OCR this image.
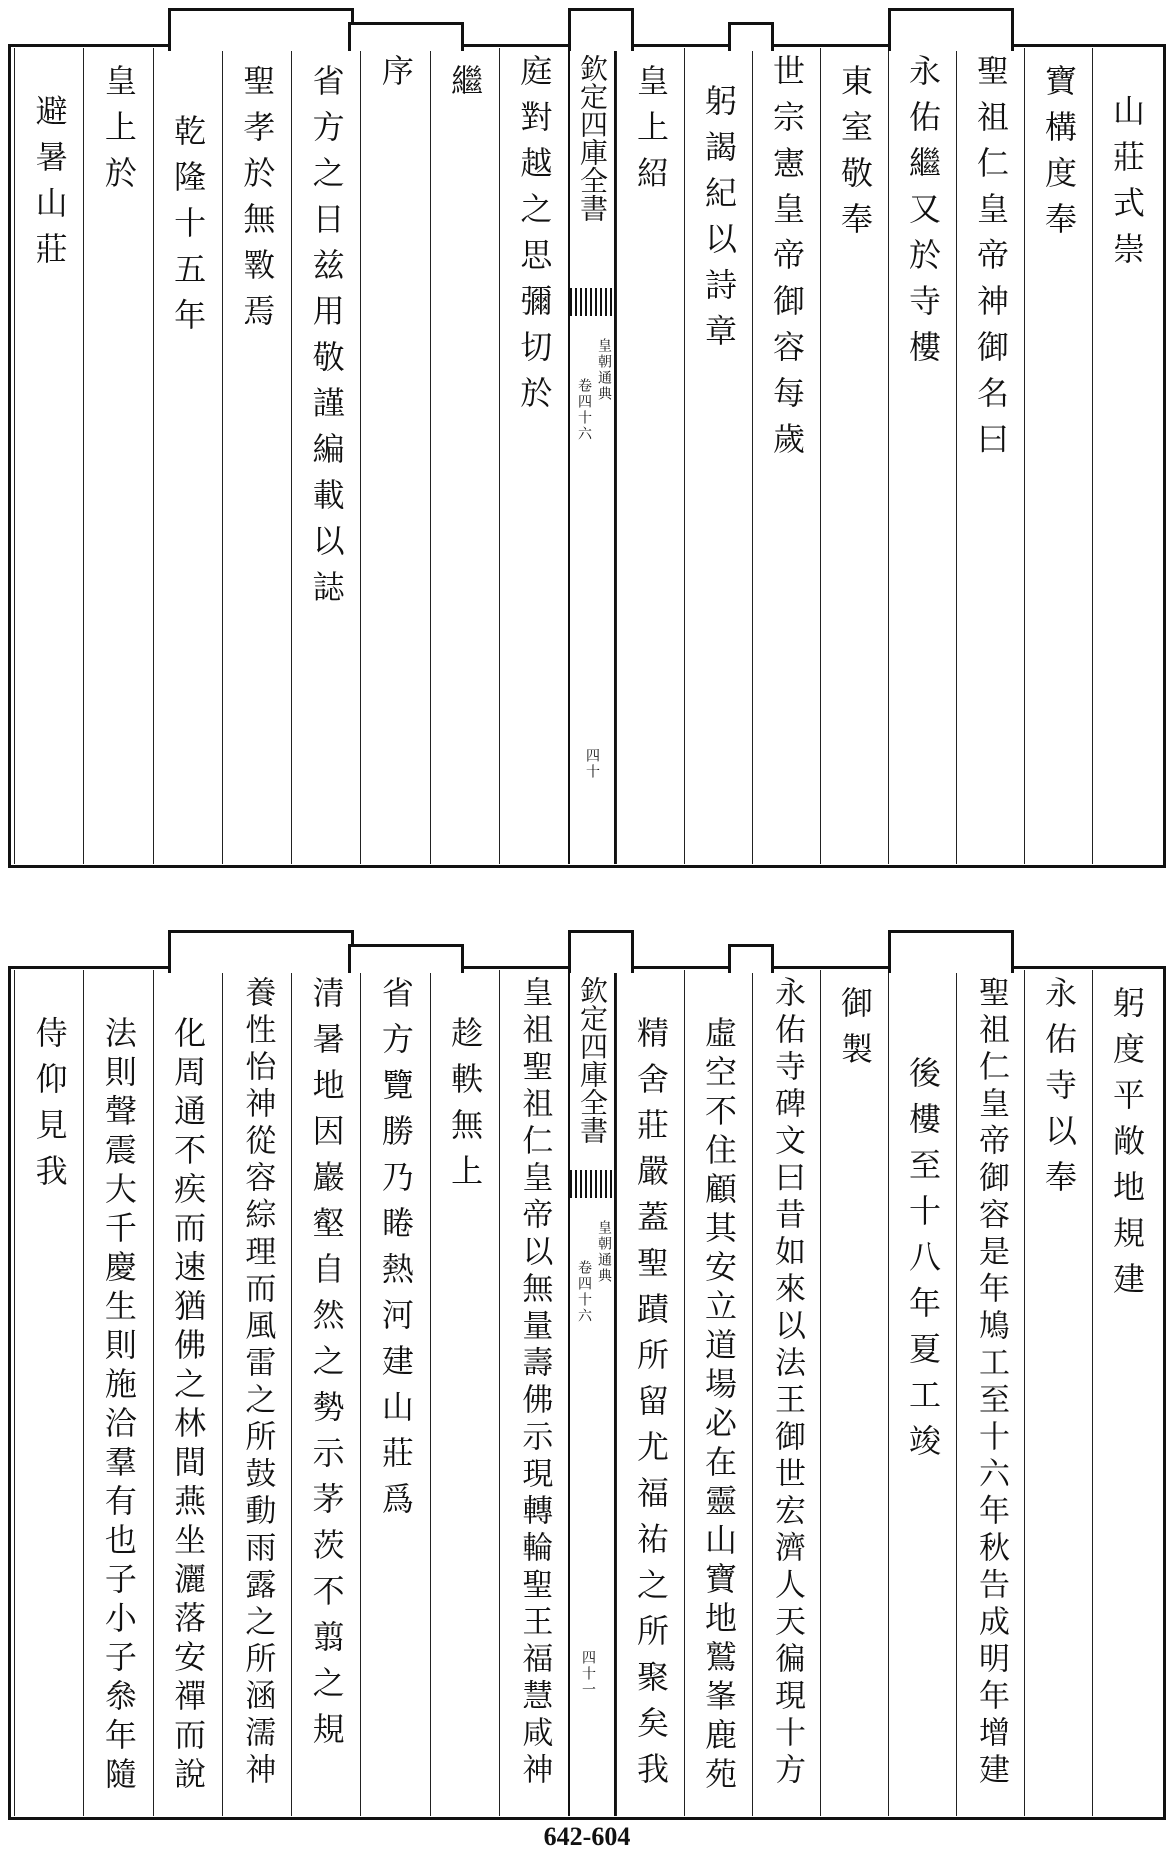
山莊式崇
寶構度奉
聖祖仁皇帝神御名曰
永佑繼又於寺樓
東室敬奉
世宗憲皇帝御容每歲
躬謁紀以詩章
皇上紹
庭對越之思彌切於
繼
序
省方之日兹用敬謹編載以誌
聖孝於無斁焉
乾隆十五年
皇上於
避暑山莊	欽定四庫全書
皇朝通典
卷四十六
四十
躬度平敞地規建
永佑寺以奉
聖祖仁皇帝御容是年鳩工至十六年秋告成明年增建
後樓至十八年夏工竣
御製
永佑寺碑文曰昔如來以法王御世宏濟人天徧現十方
虛空不住顧其安立道場必在靈山寶地鷲峯鹿苑
精舍莊嚴蓋聖蹟所留尤福祐之所聚矣我
皇祖聖祖仁皇帝以無量壽佛示現轉輪聖王福慧咸神
趁軼無上
省方覽勝乃睠熱河建山莊爲
清暑地因巖壑自然之勢示茅茨不翦之規
養性怡神從容綜理而風雷之所鼓動雨露之所涵濡神
化周通不疾而速猶佛之林間燕坐灑落安禪而說
法則聲震大千慶生則施洽羣有也子小子叅年隨
侍仰見我	欽定四庫全書
皇朝通典
卷四十六
四十一
642-604
